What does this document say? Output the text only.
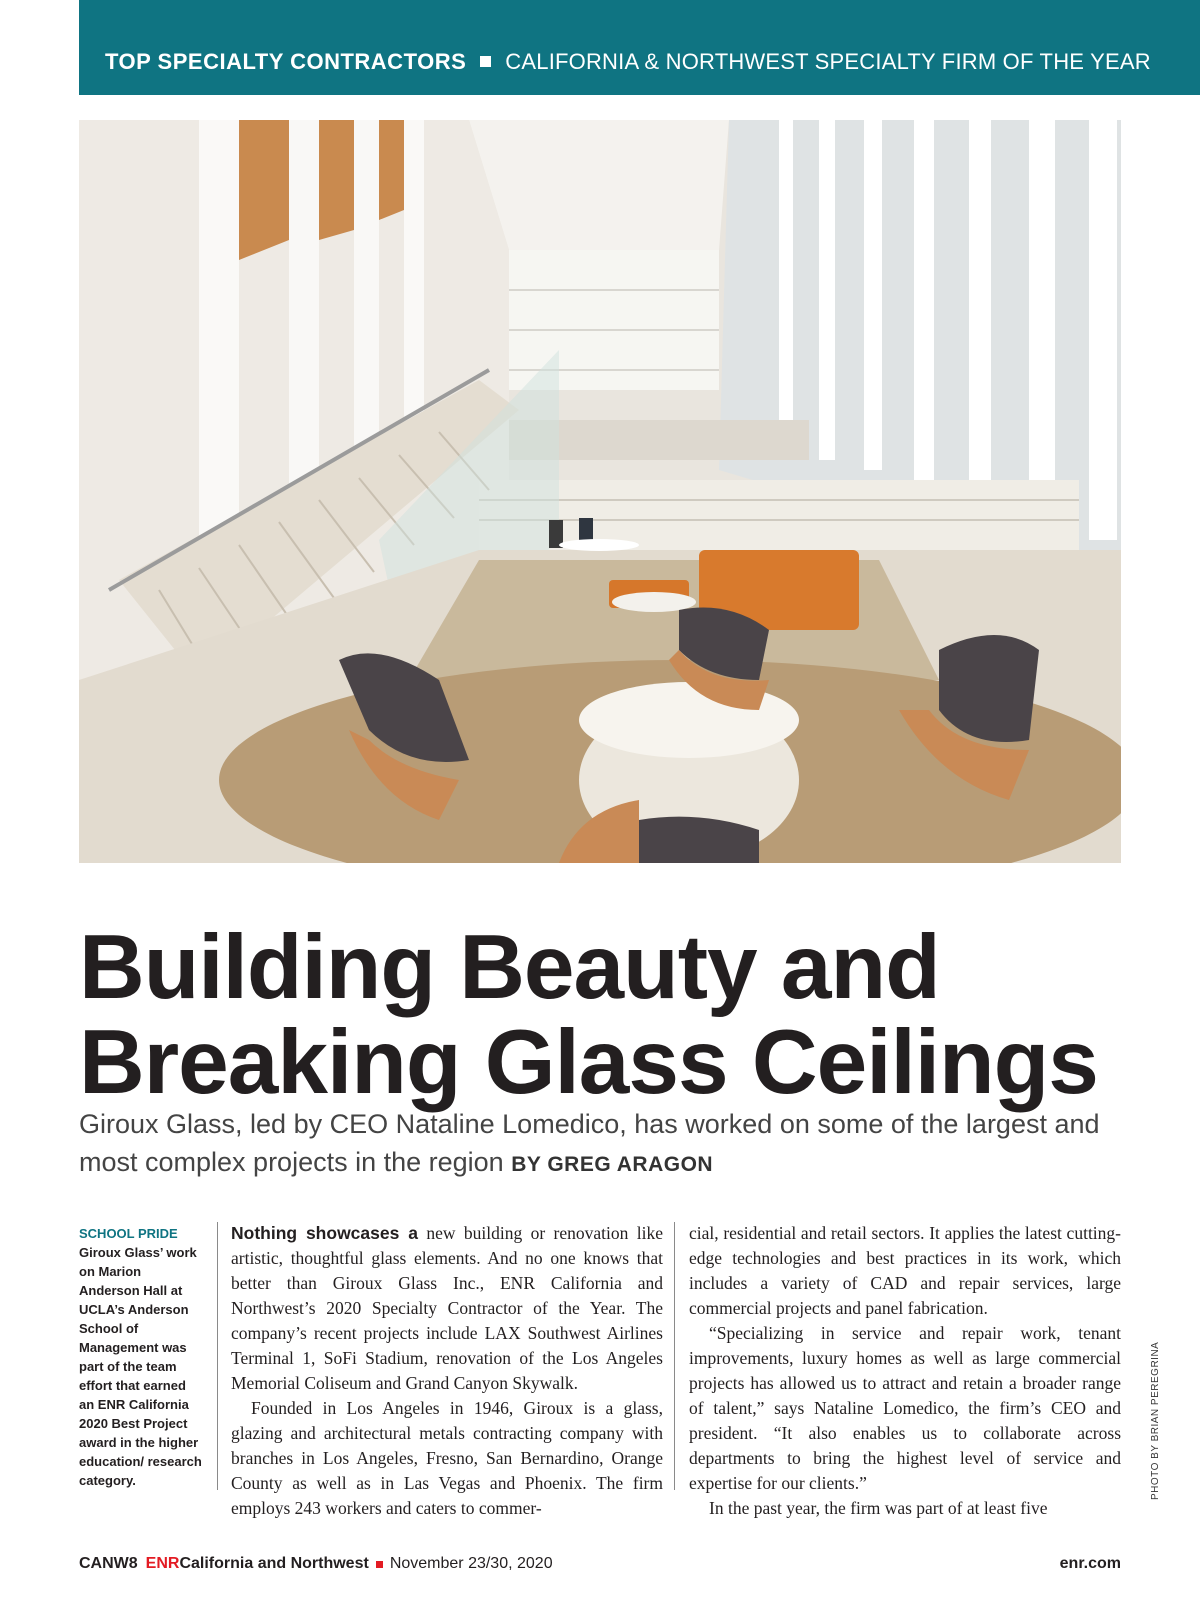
TOP SPECIALTY CONTRACTORS CALIFORNIA & NORTHWEST SPECIALTY FIRM OF THE YEAR
Building Beauty and
Breaking Glass Ceilings

Giroux Glass, led by CEO Nataline Lomedico, has worked on some of the largest and most complex projects in the region BY GREG ARAGON

SCHOOL PRIDE
Giroux Glass’ work on Marion Anderson Hall at UCLA’s Anderson School of Management was part of the team effort that earned an ENR California 2020 Best Project award in the higher education/ research category.

Nothing showcases a new building or renovation like artistic, thoughtful glass elements. And no one knows that better than Giroux Glass Inc., ENR California and Northwest’s 2020 Specialty Contractor of the Year. The company’s recent projects include LAX Southwest Airlines Terminal 1, SoFi Stadium, renovation of the Los Angeles Memorial Coliseum and Grand Canyon Skywalk.

Founded in Los Angeles in 1946, Giroux is a glass, glazing and architectural metals contracting company with branches in Los Angeles, Fresno, San Bernardino, Orange County as well as in Las Vegas and Phoenix. The firm employs 243 workers and caters to commer-

cial, residential and retail sectors. It applies the latest cutting-edge technologies and best practices in its work, which includes a variety of CAD and repair services, large commercial projects and panel fabrication.

“Specializing in service and repair work, tenant improvements, luxury homes as well as large commercial projects has allowed us to attract and retain a broader range of talent,” says Nataline Lomedico, the firm’s CEO and president. “It also enables us to collaborate across departments to bring the highest level of service and expertise for our clients.”

In the past year, the firm was part of at least five

PHOTO BY BRIAN PEREGRINA
CANW8 ENR California and Northwest November 23/30, 2020	enr.com
